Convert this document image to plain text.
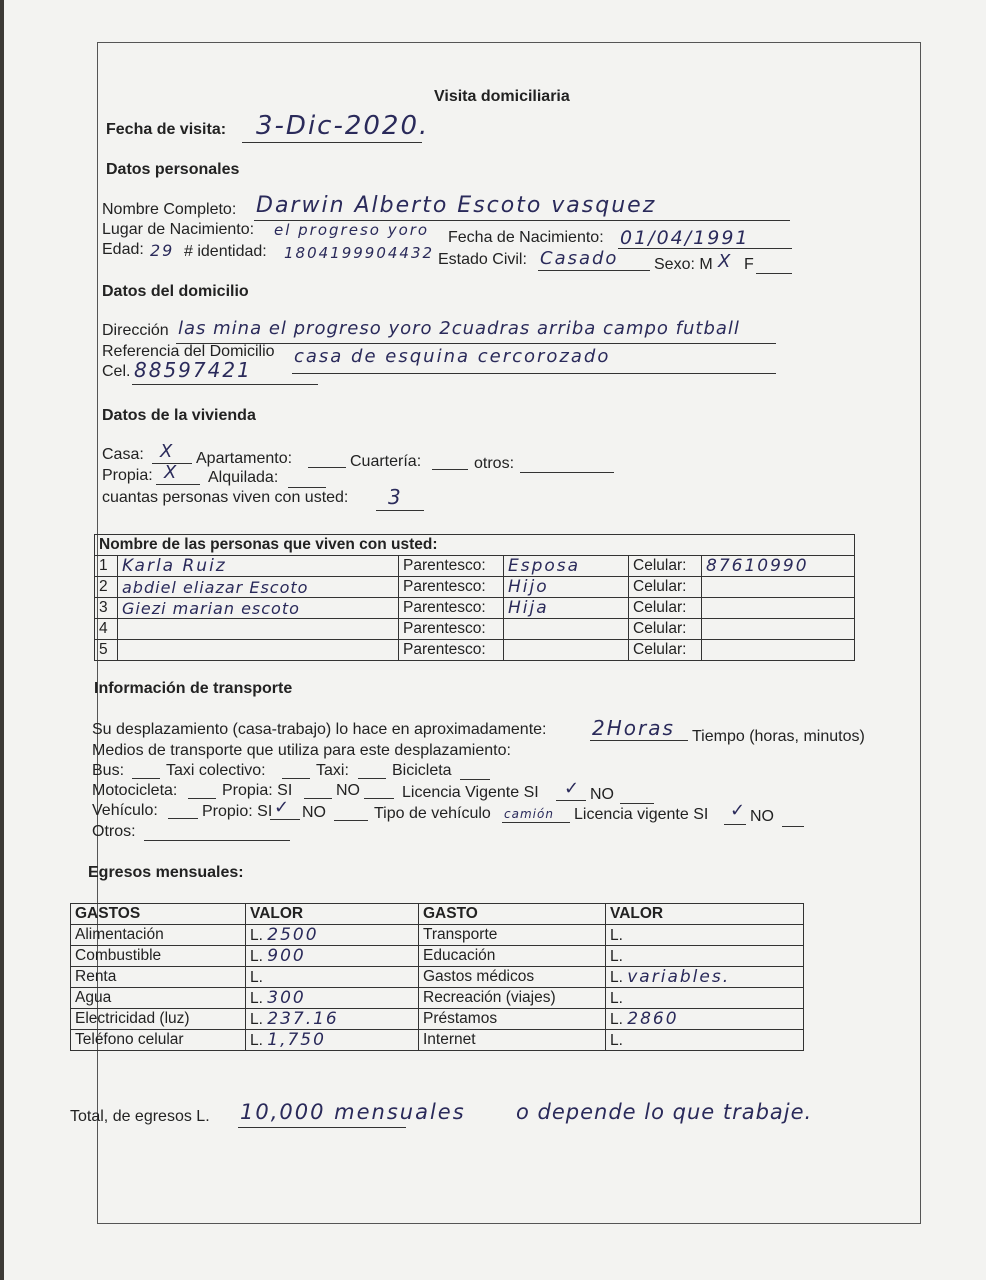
Visita domiciliaria
Fecha de visita: 3-Dic-2020.
Datos personales
Nombre Completo: Darwin Alberto Escoto vasquez
Lugar de Nacimiento: el progreso yoro Fecha de Nacimiento: 01/04/1991
Edad: 29 # identidad: 1804199904432 Estado Civil: Casado Sexo: M X F
Datos del domicilio
Dirección las mina el progreso yoro 2cuadras arriba campo futball
Referencia del Domicilio casa de esquina cercorozado
Cel. 88597421
Datos de la vivienda
Casa: X Apartamento:	Cuartería:	otros:
Propia: X Alquilada:
cuantas personas viven con usted: 3
Nombre de las personas que viven con usted:					
1	Karla Ruiz	Parentesco:	Esposa	Celular:	87610990
2	abdiel eliazar Escoto	Parentesco:	Hijo	Celular:	
3	Giezi marian escoto	Parentesco:	Hija	Celular:	
4		Parentesco:		Celular:	
5		Parentesco:		Celular:	
Información de transporte
Su desplazamiento (casa-trabajo) lo hace en aproximadamente: 2Horas Tiempo (horas, minutos)
Medios de transporte que utiliza para este desplazamiento:
Bus:	Taxi colectivo:	Taxi:	Bicicleta
Motocicleta:	Propia: SI	NO	Licencia Vigente SI ✓ NO
Vehículo:	Propio: SI ✓ NO	Tipo de vehículo camión Licencia vigente SI ✓ NO
Otros:
Egresos mensuales:
GASTOS	VALOR	GASTO	VALOR
Alimentación	L. 2500	Transporte	L.
Combustible	L. 900	Educación	L.
Renta	L.	Gastos médicos	L. variables.
Agua	L. 300	Recreación (viajes)	L.
Electricidad (luz)	L. 237.16	Préstamos	L. 2860
Teléfono celular	L. 1,750	Internet	L.
Total, de egresos L. 10,000 mensuales o depende lo que trabaje.
